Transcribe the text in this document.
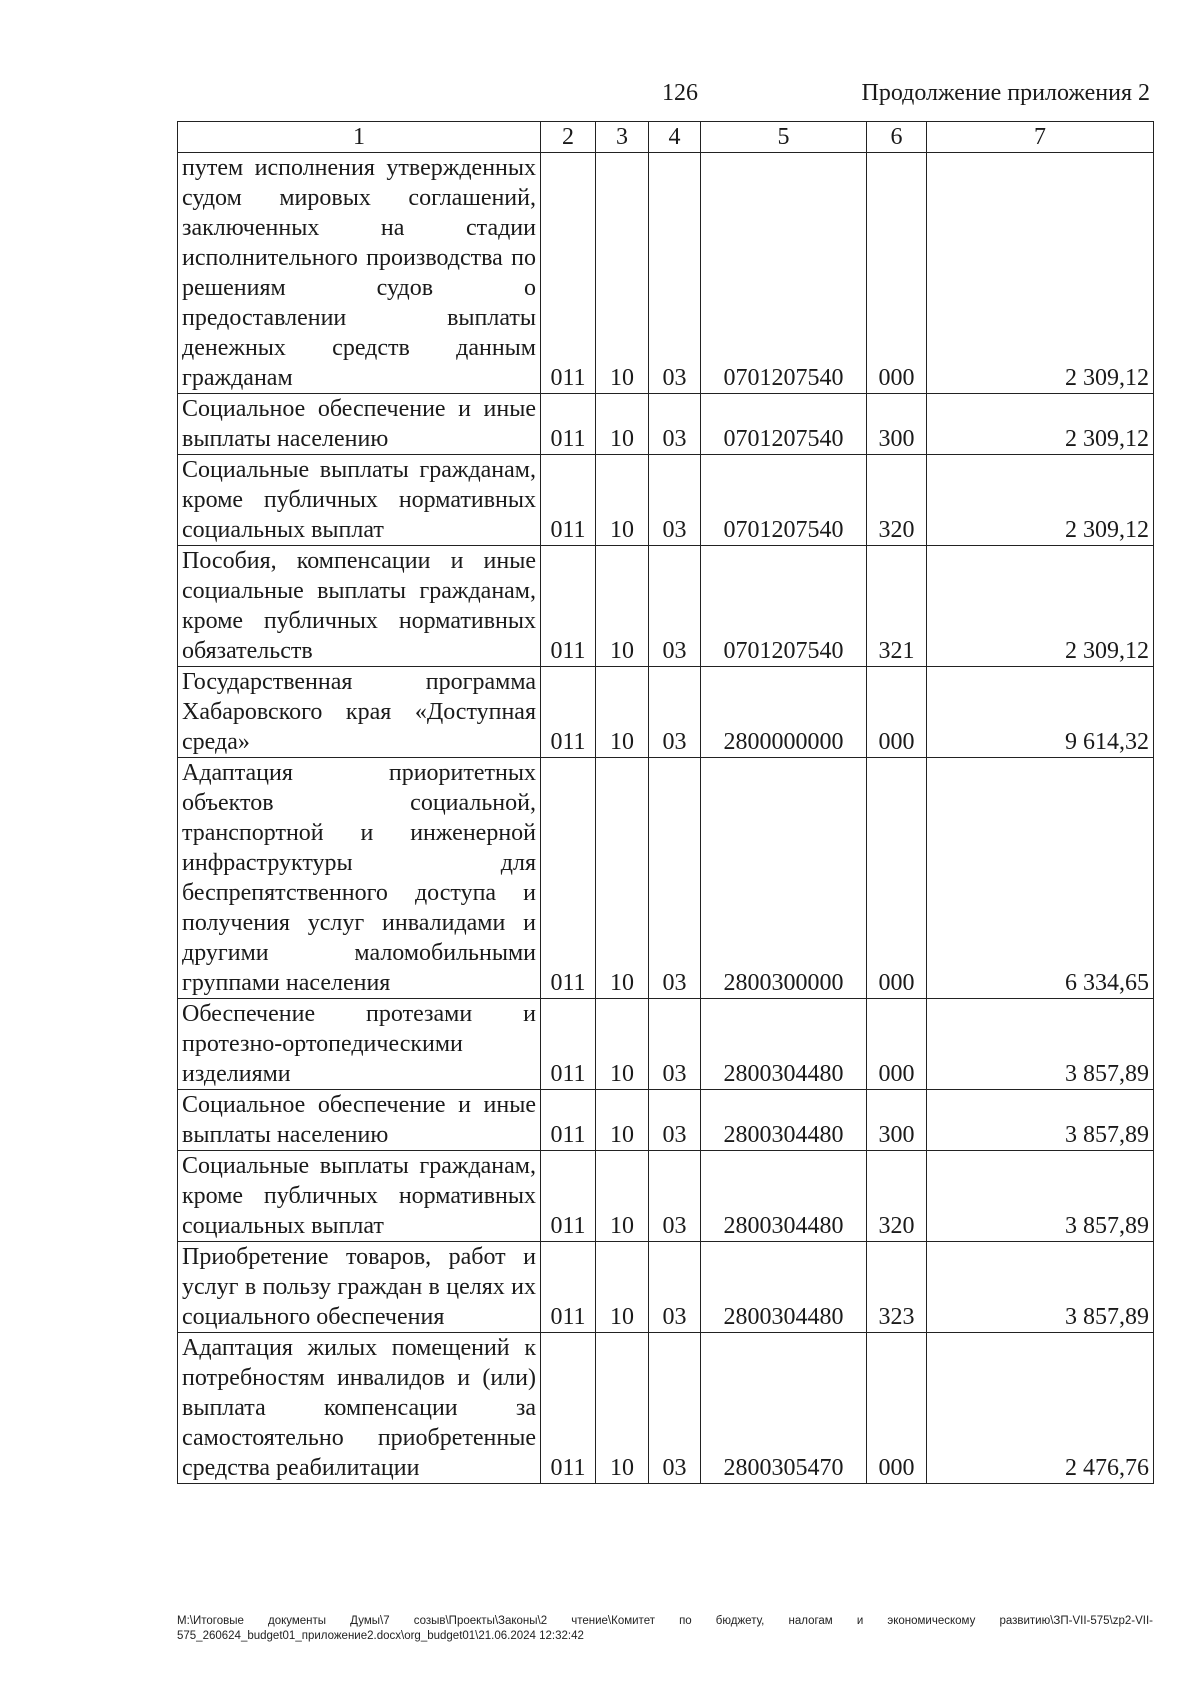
126	Продолжение приложения 2
1	2	3	4	5	6	7
путем исполнения утвержденных судом мировых соглашений, заключенных на стадии исполнительного производства по решениям судов о предоставлении выплаты денежных средств данным гражданам	011	10	03	0701207540	000	2 309,12
Социальное обеспечение и иные выплаты населению	011	10	03	0701207540	300	2 309,12
Социальные выплаты гражданам, кроме публичных нормативных социальных выплат	011	10	03	0701207540	320	2 309,12
Пособия, компенсации и иные социальные выплаты гражданам, кроме публичных нормативных обязательств	011	10	03	0701207540	321	2 309,12
Государственная программа Хабаровского края «Доступная среда»	011	10	03	2800000000	000	9 614,32
Адаптация приоритетных объектов социальной, транспортной и инженерной инфраструктуры для беспрепятственного доступа и получения услуг инвалидами и другими маломобильными группами населения	011	10	03	2800300000	000	6 334,65
Обеспечение протезами и протезно-ортопедическими изделиями	011	10	03	2800304480	000	3 857,89
Социальное обеспечение и иные выплаты населению	011	10	03	2800304480	300	3 857,89
Социальные выплаты гражданам, кроме публичных нормативных социальных выплат	011	10	03	2800304480	320	3 857,89
Приобретение товаров, работ и услуг в пользу граждан в целях их социального обеспечения	011	10	03	2800304480	323	3 857,89
Адаптация жилых помещений к потребностям инвалидов и (или) выплата компенсации за самостоятельно приобретенные средства реабилитации	011	10	03	2800305470	000	2 476,76
М:\Итоговые документы Думы\7 созыв\Проекты\Законы\2 чтение\Комитет по бюджету, налогам и экономическому развитию\ЗП-VII-575\zp2-VII-575_260624_budget01_приложение2.docx\org_budget01\21.06.2024 12:32:42
